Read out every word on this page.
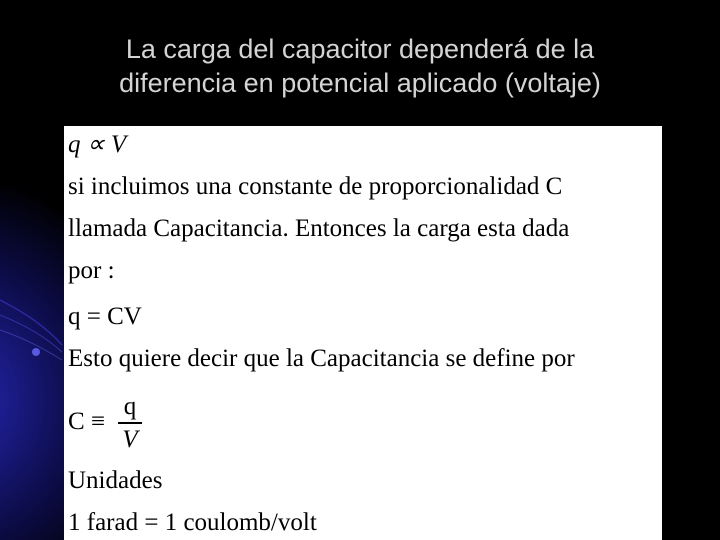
La carga del capacitor dependerá de la
diferencia en potencial aplicado (voltaje)
q ∝ V
si incluimos una constante de proporcionalidad C
llamada Capacitancia. Entonces la carga esta dada
por :
q = CV
Esto quiere decir que la Capacitancia se define por
C ≡
q
V
Unidades
1 farad = 1 coulomb/volt
